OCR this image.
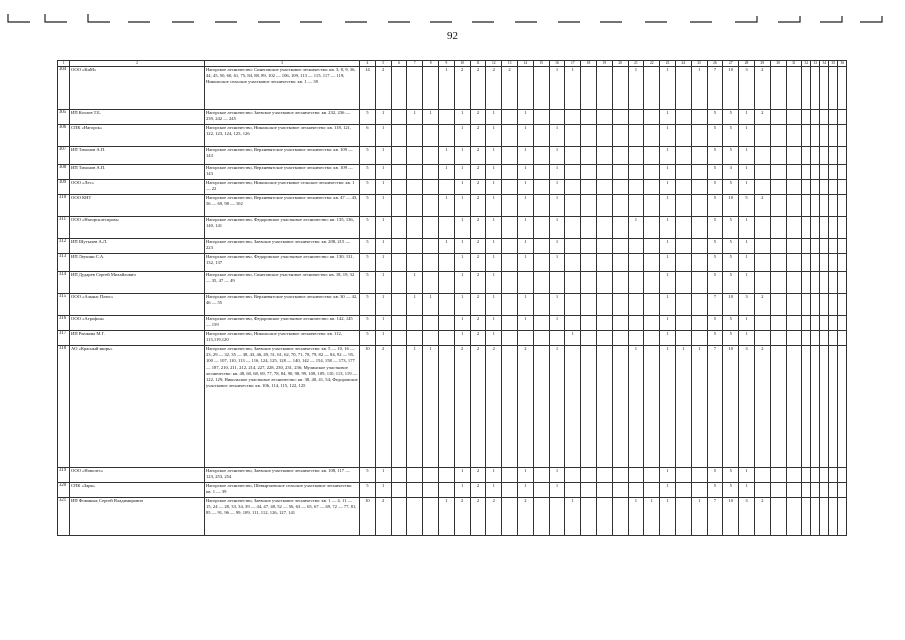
92
1	2	3	4	5	6	7	8	9	10	11	12	13	14	15	16	17	18	19	20	21	22	23	24	25	26	27	28	29	30	31	32	33	34	35	36
304	ООО «КиМ»	Нагорское лесничество: Синеговское участковое лесничество: кв. 3, 8, 9, 36, 44, 45, 50, 60, 61, 75, 84, 88, 89, 102 — 106, 109, 113 — 115, 117 — 119; Никольское сельское участковое лесничество: кв. 1 — 39	14	2				1	2	2	2	2			1	1				1		1		1	7	10	3	2							
305	ИП Козлов Т.Б.	Нагорское лесничество: Заевское участковое лесничество: кв. 232, 236 — 239, 242 — 245	5	1		1	1		1	2	1		1									1			5	5	1	2							
306	СПК «Нагорск»	Нагорское лесничество, Никольское участковое лесничество: кв. 118, 121, 122, 123, 124, 125, 126	6	1					1	2	1		1		1							1			5	5	1								
307	ИП Тихонов А.П.	Нагорское лесничество, Верхневятское участковое лесничество: кв. 109 — 143	5	1				1	1	2	1		1		1							1			5	5	1								
308	ИП Тихонов А.П.	Нагорское лесничество, Верхневятское участковое лесничество: кв. 109 — 143	5	1				1	1	2	1		1		1							1			5	3	1								
309	ООО «Лес»	Нагорское лесничество, Никольское участковое сельское лесничество: кв. 1 — 22	5	1					1	2	1		1		1							1			5	5	1								
310	ООО КНТ	Нагорское лесничество, Верхневятское участковое лесничество: кв. 47 — 43, 56 — 69, 98 — 102	5	1				1	1	2	1		1		1							1			5	10	5	2							
311	ООО «Нагорсклеспром»	Нагорское лесничество, Федоровское участковое лесничество: кв. 135, 136, 140, 141	5	1					1	2	1		1		1					1		1			5	5	1								
312	ИП Шутылев А.Л.	Нагорское лесничество, Заевское участковое лесничество: кв. 208, 215 — 223	5	1				1	1	2	1		1		1							1			5	5	1								
313	ИП Леушин С.А.	Нагорское лесничество, Федоровское участковое лесничество: кв. 130, 131, 132, 137	5	1					1	2	1		1		1							1			5	5	1								
314	ИП Дударев Сергей Михайлович	Нагорское лесничество, Синеговское участковое лесничество: кв. 18, 19, 32 — 35, 47 — 49	5	1		1			1	2	1											1			5	5	1								
315	ООО «Альянс Плюс»	Нагорское лесничество, Верхневятское участковое лесничество: кв. 30 — 42, 46 — 55	5	1		1	1		1	2	1		1		1							1			7	10	3	2							
316	ООО «Агрофон»	Нагорское лесничество, Федоровское участковое лесничество: кв. 142, 145 — 159	5	1					1	2	1		1		1							1			5	5	1								
317	ИП Рычкова М.Г.	Нагорское лесничество, Никольское участковое лесничество: кв. 112, 113,119,120	5	1					1	2	1					1						1			5	5	1								
318	АО «Красный якорь»	Нагорское лесничество, Заевское участковое лесничество: кв. 5 — 10, 16 — 23, 29 — 32, 35 — 38, 43, 46, 49, 51, 61, 62, 70, 71, 78, 79, 82 — 84, 92 — 95, 100 — 107, 110, 113 — 116, 124, 125, 128 — 140, 142 — 154, 158 — 173, 177 — 187, 210, 211, 212, 214, 227, 228, 230, 231, 236; Мулинское участковое лесничество: кв. 48, 60, 68, 69, 77, 78, 84, 90, 98, 99, 108, 109, 110, 113, 119 — 122, 129; Никольское участковое лесничество: кв. 38, 40, 41, 54; Федоровское участковое лесничество: кв. 106, 114, 115, 122, 125	10	2		1	1		2	2	2		2		1					1		1	1	1	7	10	3	2							
319	ООО «Новолес»	Нагорское лесничество, Заевское участковое лесничество: кв. 108, 117 — 123, 253, 254	5	1					1	2	1		1		1							1			5	5	1								
320	СПК «Заря»	Нагорское лесничество, Шевыртаевское сельское участковое лесничество: кв. 1 — 39	5	1					1	2	1		1		1							1			5	5	1								
321	ИП Фоминых Сергей Владимирович	Нагорское лесничество, Заевское участковое лесничество: кв. 1 — 4, 11 — 15, 24 — 28, 33, 34, 39 — 44, 47, 48, 52 — 56, 63 — 65, 67 — 69, 72 — 77, 81, 85 — 91, 96 — 99, 109, 111, 112, 126, 127, 141	10	2				1	2	2	2		2			1				1	1	1		1	7	10	3	2							
